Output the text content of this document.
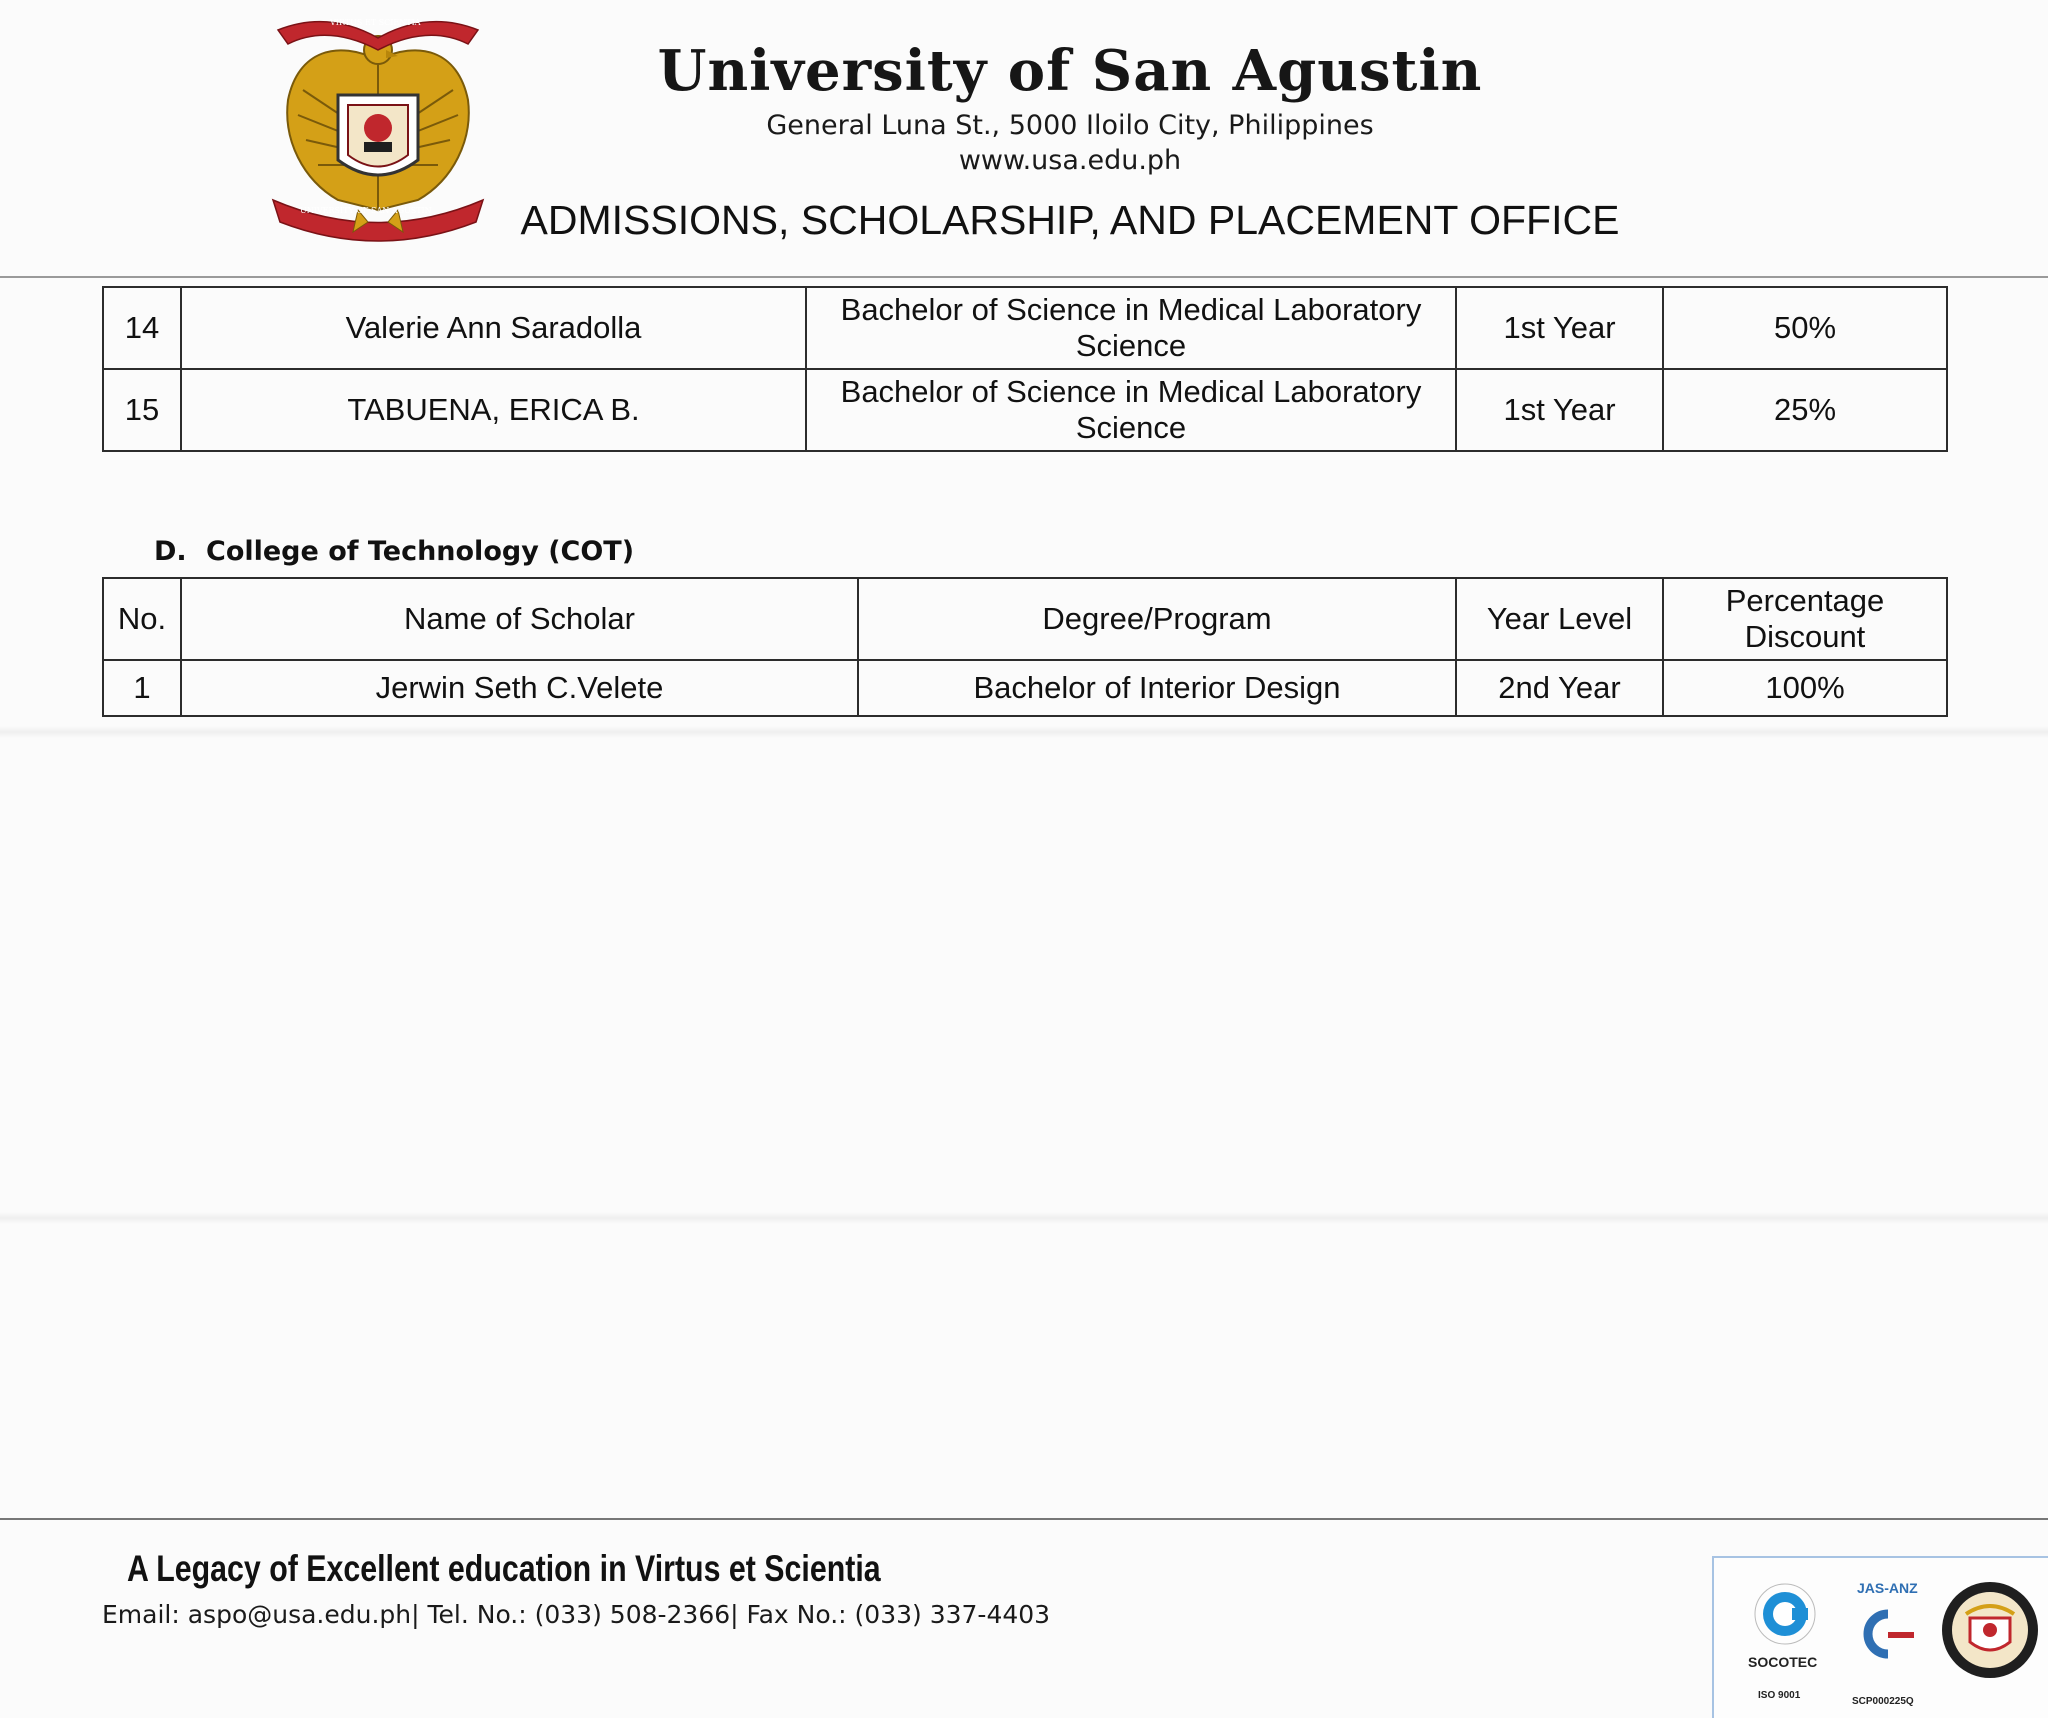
VIRTUS ET SCIENTIA
UNIVERSITY OF SAN AGUSTIN
University of San Agustin
General Luna St., 5000 Iloilo City, Philippines
www.usa.edu.ph
ADMISSIONS, SCHOLARSHIP, AND PLACEMENT OFFICE
14	Valerie Ann Saradolla	Bachelor of Science in Medical Laboratory Science	1st Year	50%
15	TABUENA, ERICA B.	Bachelor of Science in Medical Laboratory Science	1st Year	25%
D. College of Technology (COT)
No.	Name of Scholar	Degree/Program	Year Level	Percentage Discount
1	Jerwin Seth C.Velete	Bachelor of Interior Design	2nd Year	100%
A Legacy of Excellent education in Virtus et Scientia
Email: aspo@usa.edu.ph| Tel. No.: (033) 508-2366| Fax No.: (033) 337-4403
SOCOTEC
ISO 9001
JAS-ANZ
SCP000225Q
